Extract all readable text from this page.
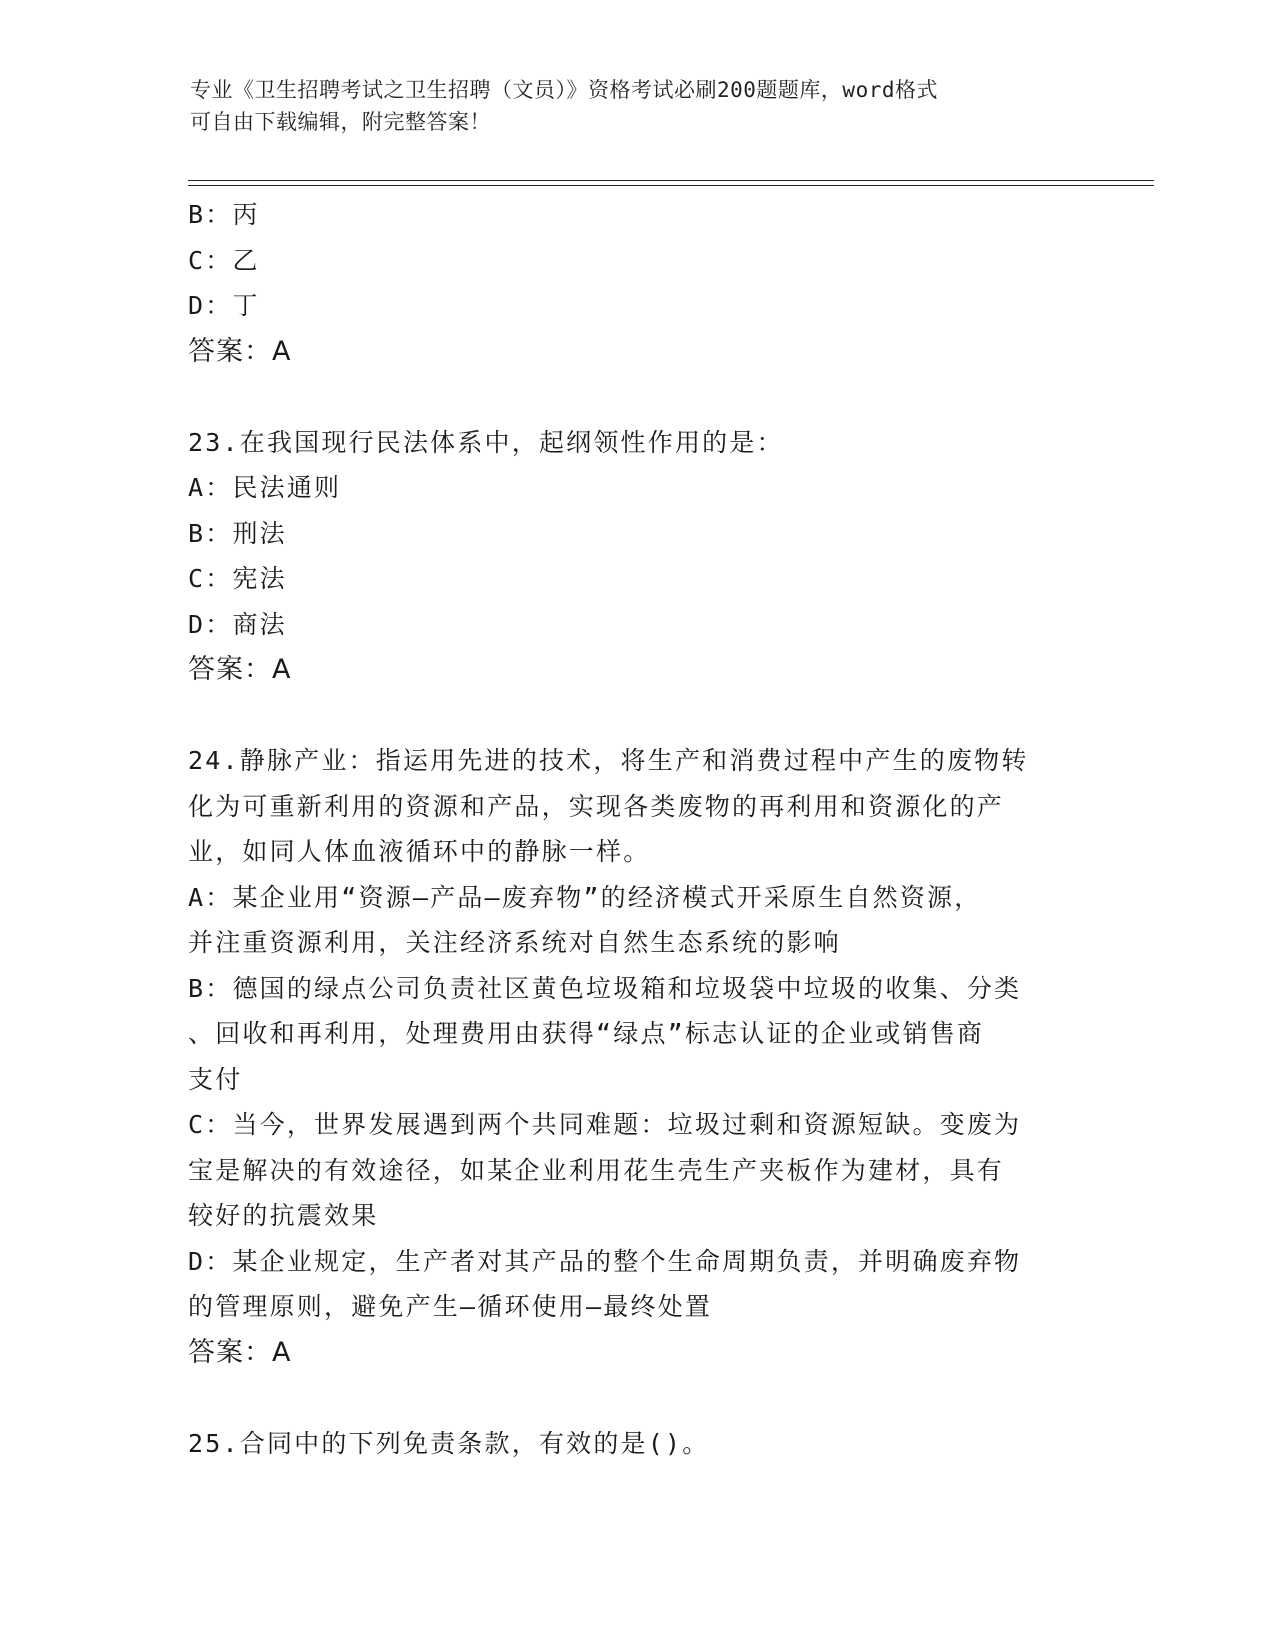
专业《卫生招聘考试之卫生招聘（文员）》资格考试必刷200题题库，word格式
可自由下载编辑，附完整答案！
B：丙
C：乙
D：丁
答案：A
23.在我国现行民法体系中，起纲领性作用的是：
A：民法通则
B：刑法
C：宪法
D：商法
答案：A
24.静脉产业：指运用先进的技术，将生产和消费过程中产生的废物转
化为可重新利用的资源和产品，实现各类废物的再利用和资源化的产
业，如同人体血液循环中的静脉一样。
A：某企业用“资源—产品—废弃物”的经济模式开采原生自然资源，
并注重资源利用，关注经济系统对自然生态系统的影响
B：德国的绿点公司负责社区黄色垃圾箱和垃圾袋中垃圾的收集、分类
、回收和再利用，处理费用由获得“绿点”标志认证的企业或销售商
支付
C：当今，世界发展遇到两个共同难题：垃圾过剩和资源短缺。变废为
宝是解决的有效途径，如某企业利用花生壳生产夹板作为建材，具有
较好的抗震效果
D：某企业规定，生产者对其产品的整个生命周期负责，并明确废弃物
的管理原则，避免产生—循环使用—最终处置
答案：A
25.合同中的下列免责条款，有效的是()。
